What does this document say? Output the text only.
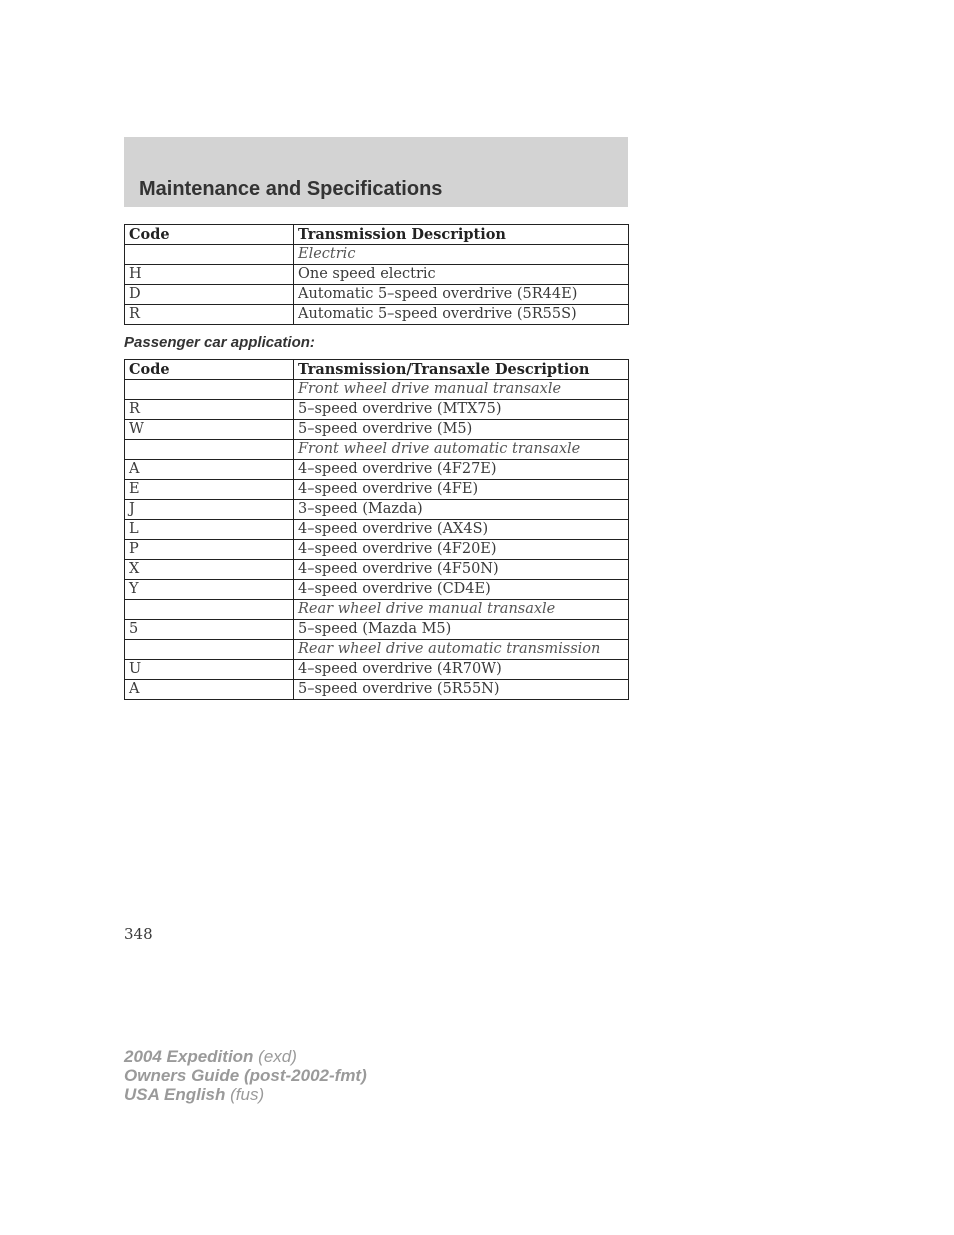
Maintenance and Specifications
Code	Transmission Description
	Electric
H	One speed electric
D	Automatic 5–speed overdrive (5R44E)
R	Automatic 5–speed overdrive (5R55S)
Passenger car application:
Code	Transmission/Transaxle Description
	Front wheel drive manual transaxle
R	5–speed overdrive (MTX75)
W	5–speed overdrive (M5)
	Front wheel drive automatic transaxle
A	4–speed overdrive (4F27E)
E	4–speed overdrive (4FE)
J	3–speed (Mazda)
L	4–speed overdrive (AX4S)
P	4–speed overdrive (4F20E)
X	4–speed overdrive (4F50N)
Y	4–speed overdrive (CD4E)
	Rear wheel drive manual transaxle
5	5–speed (Mazda M5)
	Rear wheel drive automatic transmission
U	4–speed overdrive (4R70W)
A	5–speed overdrive (5R55N)
348
2004 Expedition (exd)
Owners Guide (post-2002-fmt)
USA English (fus)
